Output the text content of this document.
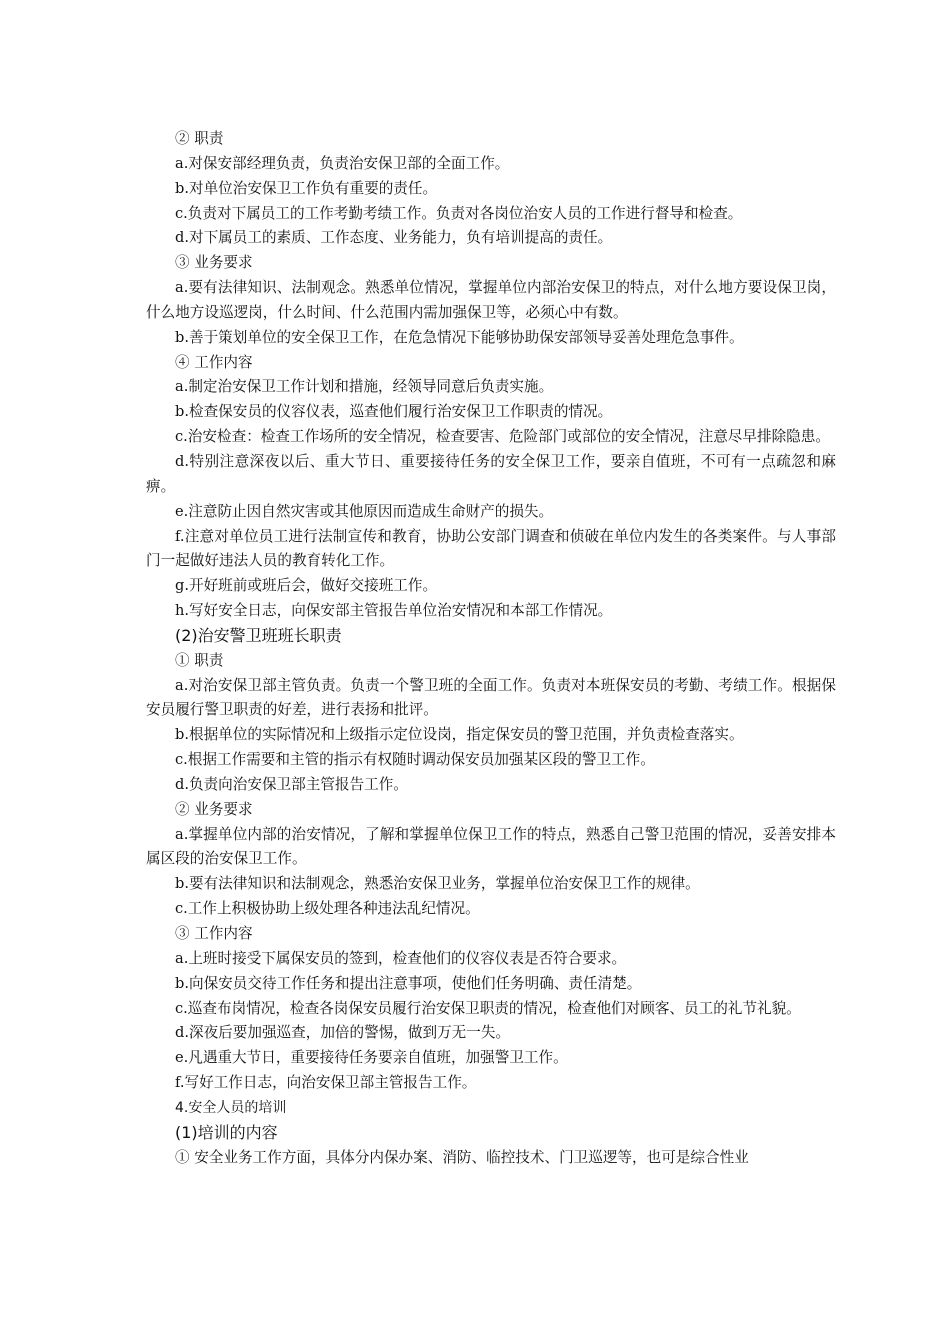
② 职责

a.对保安部经理负责，负责治安保卫部的全面工作。

b.对单位治安保卫工作负有重要的责任。

c.负责对下属员工的工作考勤考绩工作。负责对各岗位治安人员的工作进行督导和检查。

d.对下属员工的素质、工作态度、业务能力，负有培训提高的责任。

③ 业务要求

a.要有法律知识、法制观念。熟悉单位情况，掌握单位内部治安保卫的特点，对什么地方要设保卫岗，什么地方设巡逻岗，什么时间、什么范围内需加强保卫等，必须心中有数。

b.善于策划单位的安全保卫工作，在危急情况下能够协助保安部领导妥善处理危急事件。

④ 工作内容

a.制定治安保卫工作计划和措施，经领导同意后负责实施。

b.检查保安员的仪容仪表，巡查他们履行治安保卫工作职责的情况。

c.治安检查：检查工作场所的安全情况，检查要害、危险部门或部位的安全情况，注意尽早排除隐患。

d.特别注意深夜以后、重大节日、重要接待任务的安全保卫工作，要亲自值班，不可有一点疏忽和麻痹。

e.注意防止因自然灾害或其他原因而造成生命财产的损失。

f.注意对单位员工进行法制宣传和教育，协助公安部门调查和侦破在单位内发生的各类案件。与人事部门一起做好违法人员的教育转化工作。

g.开好班前或班后会，做好交接班工作。

h.写好安全日志，向保安部主管报告单位治安情况和本部工作情况。

(2)治安警卫班班长职责

① 职责

a.对治安保卫部主管负责。负责一个警卫班的全面工作。负责对本班保安员的考勤、考绩工作。根据保安员履行警卫职责的好差，进行表扬和批评。

b.根据单位的实际情况和上级指示定位设岗，指定保安员的警卫范围，并负责检查落实。

c.根据工作需要和主管的指示有权随时调动保安员加强某区段的警卫工作。

d.负责向治安保卫部主管报告工作。

② 业务要求

a.掌握单位内部的治安情况，了解和掌握单位保卫工作的特点，熟悉自己警卫范围的情况，妥善安排本属区段的治安保卫工作。

b.要有法律知识和法制观念，熟悉治安保卫业务，掌握单位治安保卫工作的规律。

c.工作上积极协助上级处理各种违法乱纪情况。

③ 工作内容

a.上班时接受下属保安员的签到，检查他们的仪容仪表是否符合要求。

b.向保安员交待工作任务和提出注意事项，使他们任务明确、责任清楚。

c.巡查布岗情况，检查各岗保安员履行治安保卫职责的情况，检查他们对顾客、员工的礼节礼貌。

d.深夜后要加强巡查，加倍的警惕，做到万无一失。

e.凡遇重大节日，重要接待任务要亲自值班，加强警卫工作。

f.写好工作日志，向治安保卫部主管报告工作。

4.安全人员的培训

(1)培训的内容

① 安全业务工作方面，具体分内保办案、消防、临控技术、门卫巡逻等，也可是综合性业
